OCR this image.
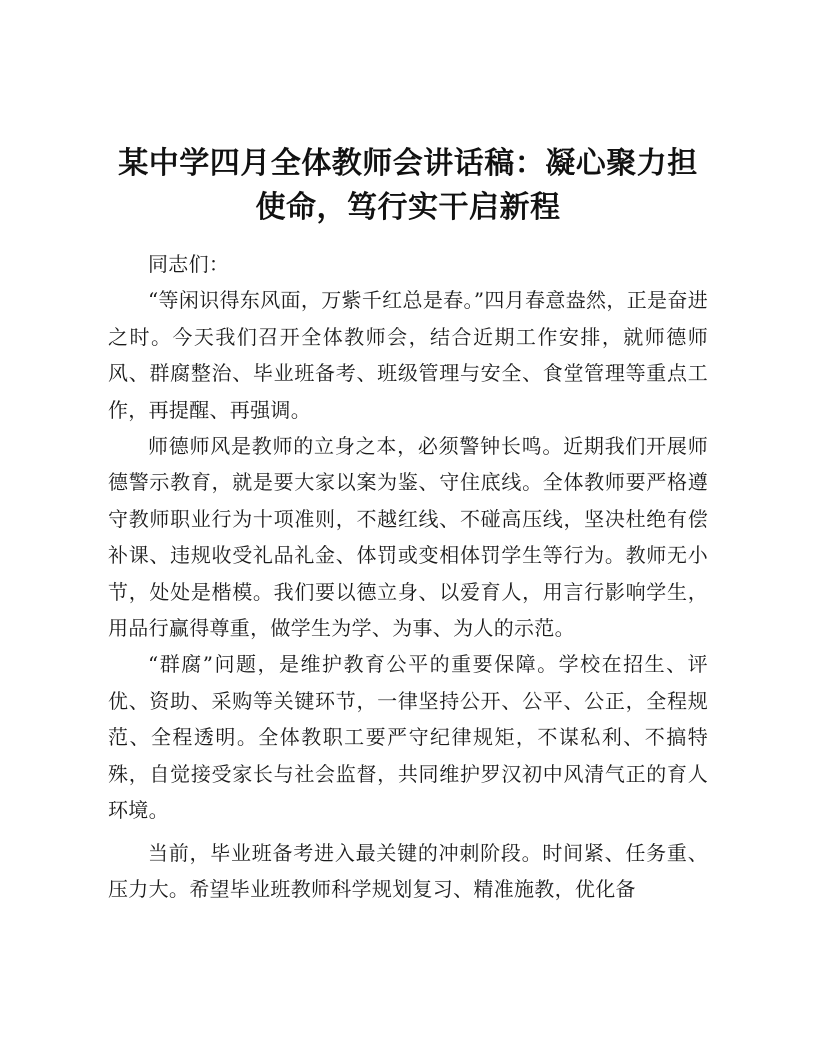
某中学四月全体教师会讲话稿：凝心聚力担使命，笃行实干启新程

同志们：

“等闲识得东风面，万紫千红总是春。”四月春意盎然，正是奋进之时。今天我们召开全体教师会，结合近期工作安排，就师德师风、群腐整治、毕业班备考、班级管理与安全、食堂管理等重点工作，再提醒、再强调。

师德师风是教师的立身之本，必须警钟长鸣。近期我们开展师德警示教育，就是要大家以案为鉴、守住底线。全体教师要严格遵守教师职业行为十项准则，不越红线、不碰高压线，坚决杜绝有偿补课、违规收受礼品礼金、体罚或变相体罚学生等行为。教师无小节，处处是楷模。我们要以德立身、以爱育人，用言行影响学生，用品行赢得尊重，做学生为学、为事、为人的示范。

“群腐”问题，是维护教育公平的重要保障。学校在招生、评优、资助、采购等关键环节，一律坚持公开、公平、公正，全程规范、全程透明。全体教职工要严守纪律规矩，不谋私利、不搞特殊，自觉接受家长与社会监督，共同维护罗汉初中风清气正的育人环境。

当前，毕业班备考进入最关键的冲刺阶段。时间紧、任务重、压力大。希望毕业班教师科学规划复习、精准施教，优化备
